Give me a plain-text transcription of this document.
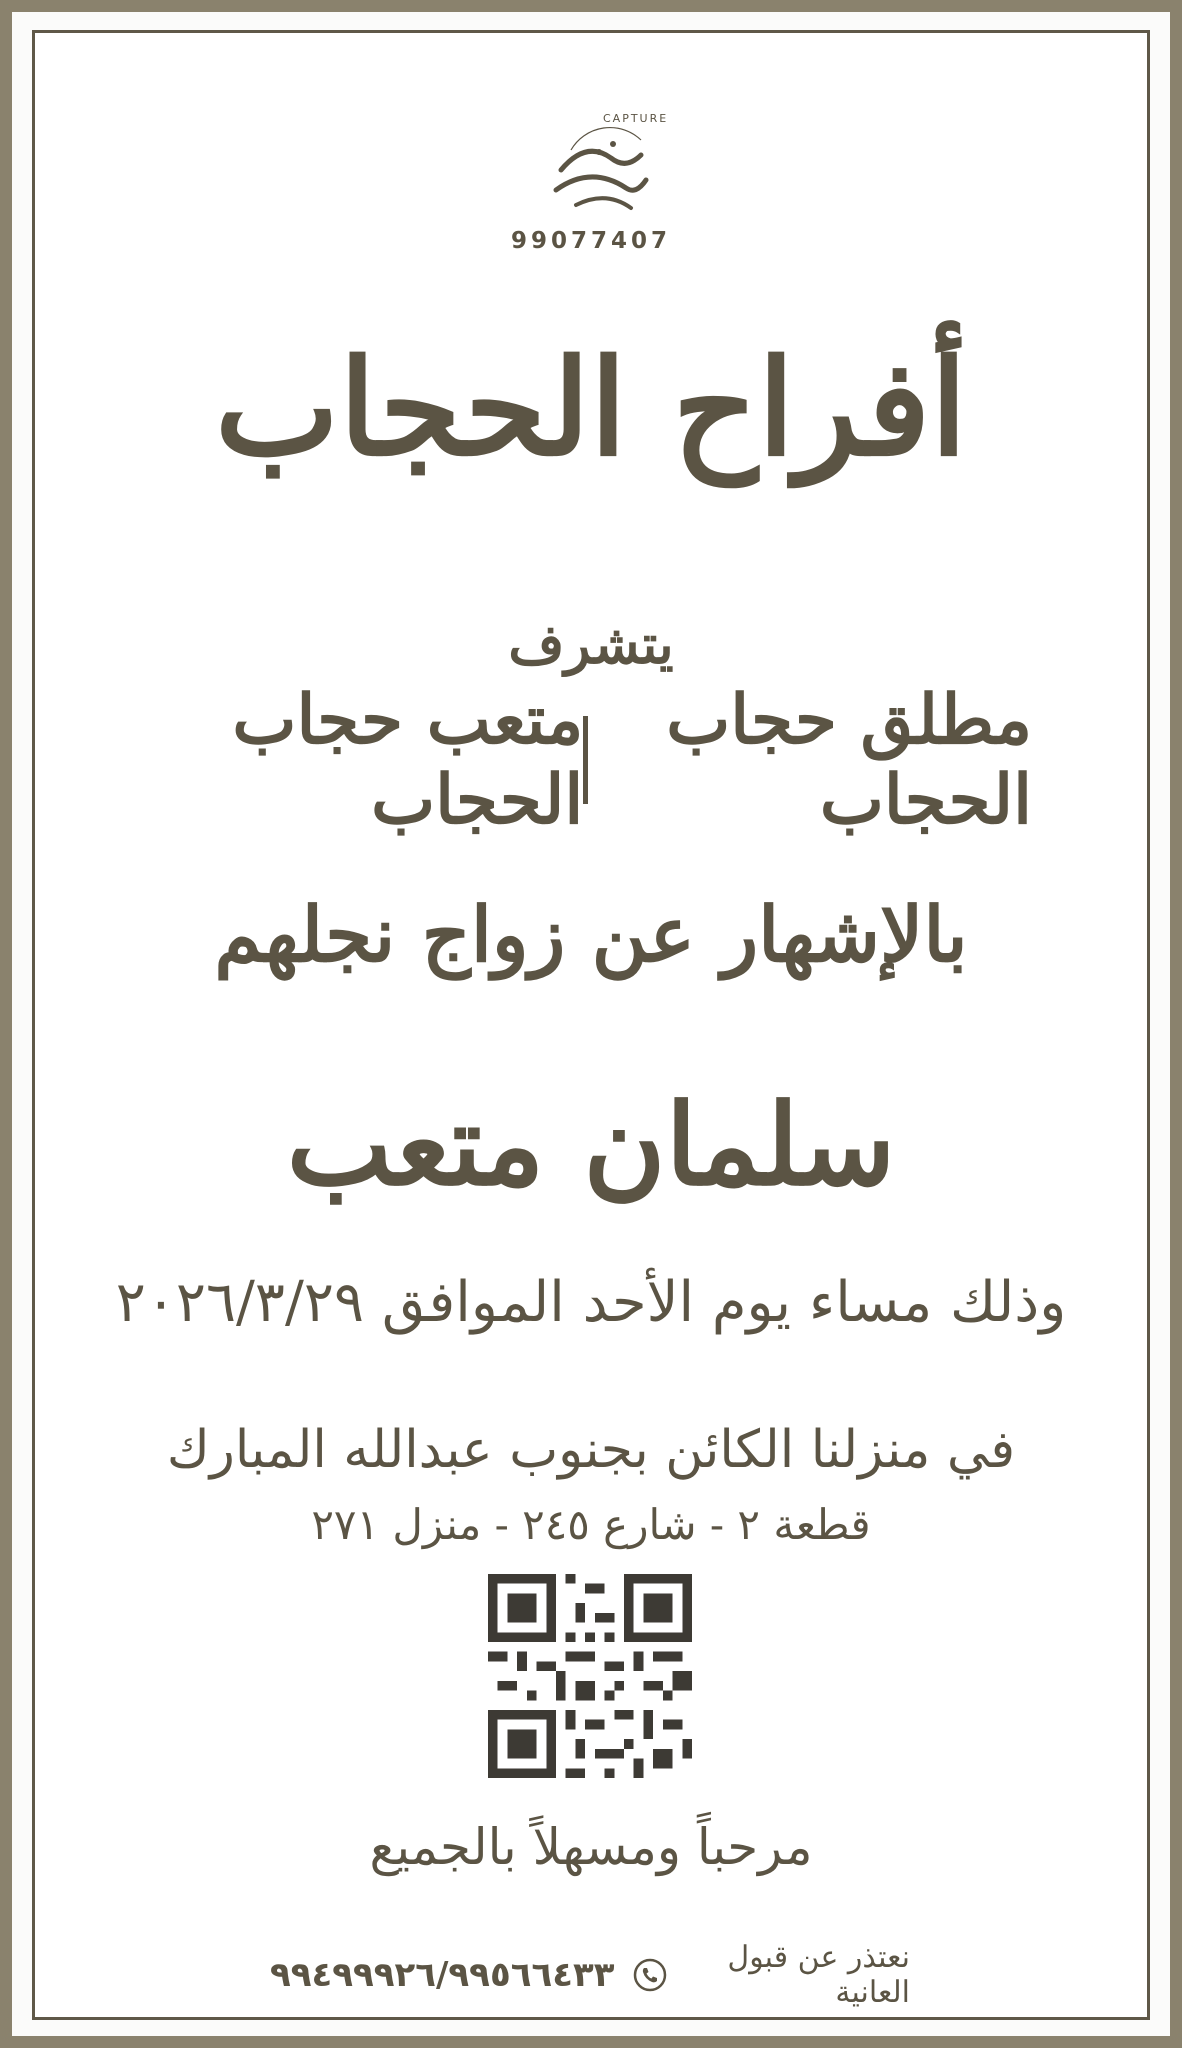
CAPTURE
99077407
أفراح الحجاب
يتشرف
مطلق حجاب الحجاب
متعب حجاب الحجاب
بالإشهار عن زواج نجلهم
سلمان متعب
وذلك مساء يوم الأحد الموافق ٢٠٢٦/٣/٢٩
في منزلنا الكائن بجنوب عبدالله المبارك
قطعة ٢ - شارع ٢٤٥ - منزل ٢٧١
مرحباً ومسهلاً بالجميع
نعتذر عن قبول العانية
٩٩٤٩٩٩٢٦/٩٩٥٦٦٤٣٣
